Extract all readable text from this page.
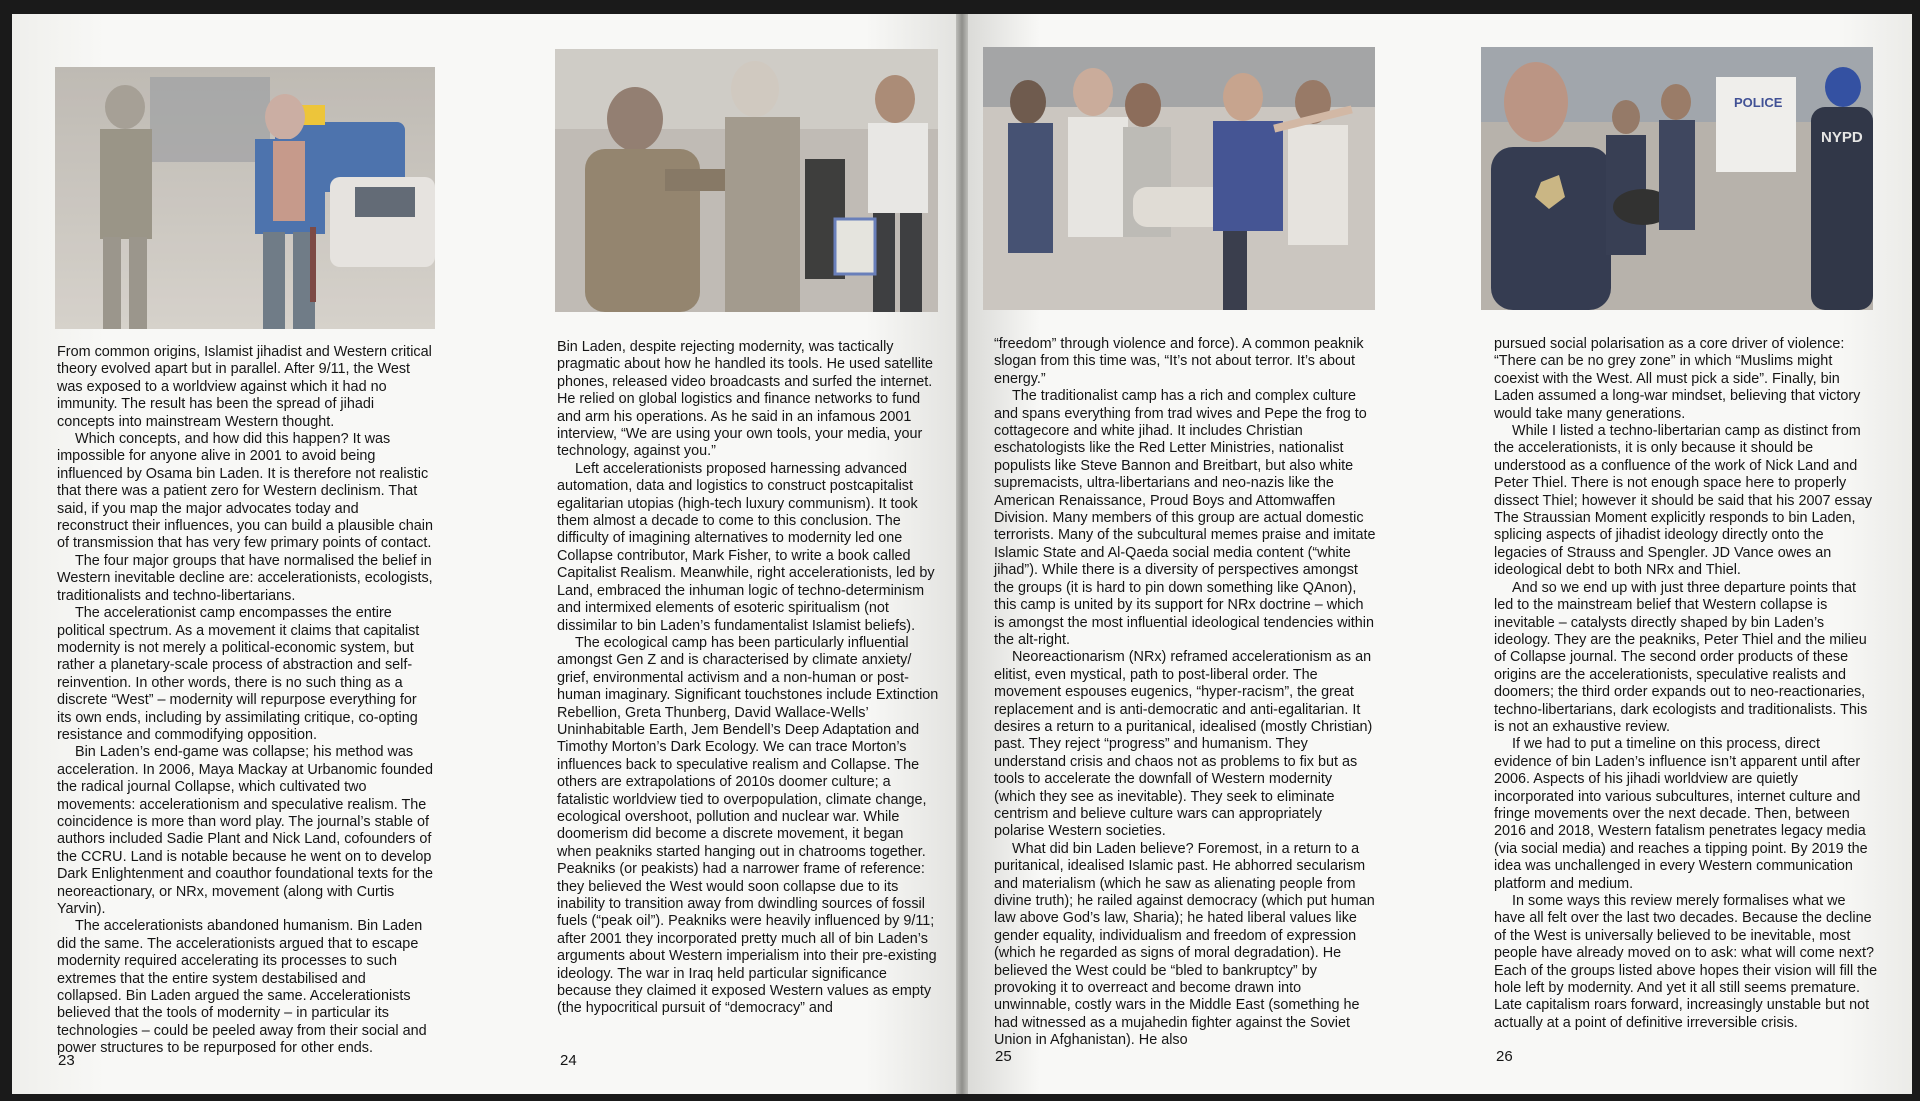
From common origins, Islamist jihadist and Western critical theory evolved apart but in parallel. After 9/11, the West was exposed to a worldview against which it had no immunity. The result has been the spread of jihadi concepts into mainstream Western thought.

Which concepts, and how did this happen? It was impossible for anyone alive in 2001 to avoid being influenced by Osama bin Laden. It is therefore not realistic that there was a patient zero for Western declinism. That said, if you map the major advocates today and reconstruct their influences, you can build a plausible chain of transmission that has very few primary points of contact.

The four major groups that have normalised the belief in Western inevitable decline are: accelerationists, ecologists, traditionalists and techno-libertarians.

The accelerationist camp encompasses the entire political spectrum. As a movement it claims that capitalist modernity is not merely a political-economic system, but rather a planetary-scale process of abstraction and self-reinvention. In other words, there is no such thing as a discrete “West” – modernity will repurpose everything for its own ends, including by assimilating critique, co-opting resistance and commodifying opposition.

Bin Laden’s end-game was collapse; his method was acceleration. In 2006, Maya Mackay at Urbanomic founded the radical journal Collapse, which cultivated two movements: accelerationism and speculative realism. The coincidence is more than word play. The journal’s stable of authors included Sadie Plant and Nick Land, cofounders of the CCRU. Land is notable because he went on to develop Dark Enlightenment and coauthor foundational texts for the neoreactionary, or NRx, movement (along with Curtis Yarvin).

The accelerationists abandoned humanism. Bin Laden did the same. The accelerationists argued that to escape modernity required accelerating its processes to such extremes that the entire system destabilised and collapsed. Bin Laden argued the same. Accelerationists believed that the tools of modernity – in particular its technologies – could be peeled away from their social and power structures to be repurposed for other ends.

23

Bin Laden, despite rejecting modernity, was tactically pragmatic about how he handled its tools. He used satellite phones, released video broadcasts and surfed the internet. He relied on global logistics and finance networks to fund and arm his operations. As he said in an infamous 2001 interview, “We are using your own tools, your media, your technology, against you.”

Left accelerationists proposed harnessing advanced automation, data and logistics to construct postcapitalist egalitarian utopias (high-tech luxury communism). It took them almost a decade to come to this conclusion. The difficulty of imagining alternatives to modernity led one Collapse contributor, Mark Fisher, to write a book called Capitalist Realism. Meanwhile, right accelerationists, led by Land, embraced the inhuman logic of techno-determinism and intermixed elements of esoteric spiritualism (not dissimilar to bin Laden’s fundamentalist Islamist beliefs).

The ecological camp has been particularly influential amongst Gen Z and is characterised by climate anxiety/ grief, environmental activism and a non-human or post-human imaginary. Significant touchstones include Extinction Rebellion, Greta Thunberg, David Wallace-Wells’ Uninhabitable Earth, Jem Bendell’s Deep Adaptation and Timothy Morton’s Dark Ecology. We can trace Morton’s influences back to speculative realism and Collapse. The others are extrapolations of 2010s doomer culture; a fatalistic worldview tied to overpopulation, climate change, ecological overshoot, pollution and nuclear war. While doomerism did become a discrete movement, it began when peakniks started hanging out in chatrooms together. Peakniks (or peakists) had a narrower frame of reference: they believed the West would soon collapse due to its inability to transition away from dwindling sources of fossil fuels (“peak oil”). Peakniks were heavily influenced by 9/11; after 2001 they incorporated pretty much all of bin Laden’s arguments about Western imperialism into their pre-existing ideology. The war in Iraq held particular significance because they claimed it exposed Western values as empty (the hypocritical pursuit of “democracy” and

24

“freedom” through violence and force). A common peaknik slogan from this time was, “It’s not about terror. It’s about energy.”

The traditionalist camp has a rich and complex culture and spans everything from trad wives and Pepe the frog to cottagecore and white jihad. It includes Christian eschatologists like the Red Letter Ministries, nationalist populists like Steve Bannon and Breitbart, but also white supremacists, ultra-libertarians and neo-nazis like the American Renaissance, Proud Boys and Attomwaffen Division. Many members of this group are actual domestic terrorists. Many of the subcultural memes praise and imitate Islamic State and Al-Qaeda social media content (“white jihad”). While there is a diversity of perspectives amongst the groups (it is hard to pin down something like QAnon), this camp is united by its support for NRx doctrine – which is amongst the most influential ideological tendencies within the alt-right.

Neoreactionarism (NRx) reframed accelerationism as an elitist, even mystical, path to post-liberal order. The movement espouses eugenics, “hyper-racism”, the great replacement and is anti-democratic and anti-egalitarian. It desires a return to a puritanical, idealised (mostly Christian) past. They reject “progress” and humanism. They understand crisis and chaos not as problems to fix but as tools to accelerate the downfall of Western modernity (which they see as inevitable). They seek to eliminate centrism and believe culture wars can appropriately polarise Western societies.

What did bin Laden believe? Foremost, in a return to a puritanical, idealised Islamic past. He abhorred secularism and materialism (which he saw as alienating people from divine truth); he railed against democracy (which put human law above God’s law, Sharia); he hated liberal values like gender equality, individualism and freedom of expression (which he regarded as signs of moral degradation). He believed the West could be “bled to bankruptcy” by provoking it to overreact and become drawn into unwinnable, costly wars in the Middle East (something he had witnessed as a mujahedin fighter against the Soviet Union in Afghanistan). He also

25
POLICE
NYPD

pursued social polarisation as a core driver of violence: “There can be no grey zone” in which “Muslims might coexist with the West. All must pick a side”. Finally, bin Laden assumed a long-war mindset, believing that victory would take many generations.

While I listed a techno-libertarian camp as distinct from the accelerationists, it is only because it should be understood as a confluence of the work of Nick Land and Peter Thiel. There is not enough space here to properly dissect Thiel; however it should be said that his 2007 essay The Straussian Moment explicitly responds to bin Laden, splicing aspects of jihadist ideology directly onto the legacies of Strauss and Spengler. JD Vance owes an ideological debt to both NRx and Thiel.

And so we end up with just three departure points that led to the mainstream belief that Western collapse is inevitable – catalysts directly shaped by bin Laden’s ideology. They are the peakniks, Peter Thiel and the milieu of Collapse journal. The second order products of these origins are the accelerationists, speculative realists and doomers; the third order expands out to neo-reactionaries, techno-libertarians, dark ecologists and traditionalists. This is not an exhaustive review.

If we had to put a timeline on this process, direct evidence of bin Laden’s influence isn’t apparent until after 2006. Aspects of his jihadi worldview are quietly incorporated into various subcultures, internet culture and fringe movements over the next decade. Then, between 2016 and 2018, Western fatalism penetrates legacy media (via social media) and reaches a tipping point. By 2019 the idea was unchallenged in every Western communication platform and medium.

In some ways this review merely formalises what we have all felt over the last two decades. Because the decline of the West is universally believed to be inevitable, most people have already moved on to ask: what will come next? Each of the groups listed above hopes their vision will fill the hole left by modernity. And yet it all still seems premature. Late capitalism roars forward, increasingly unstable but not actually at a point of definitive irreversible crisis.

26
